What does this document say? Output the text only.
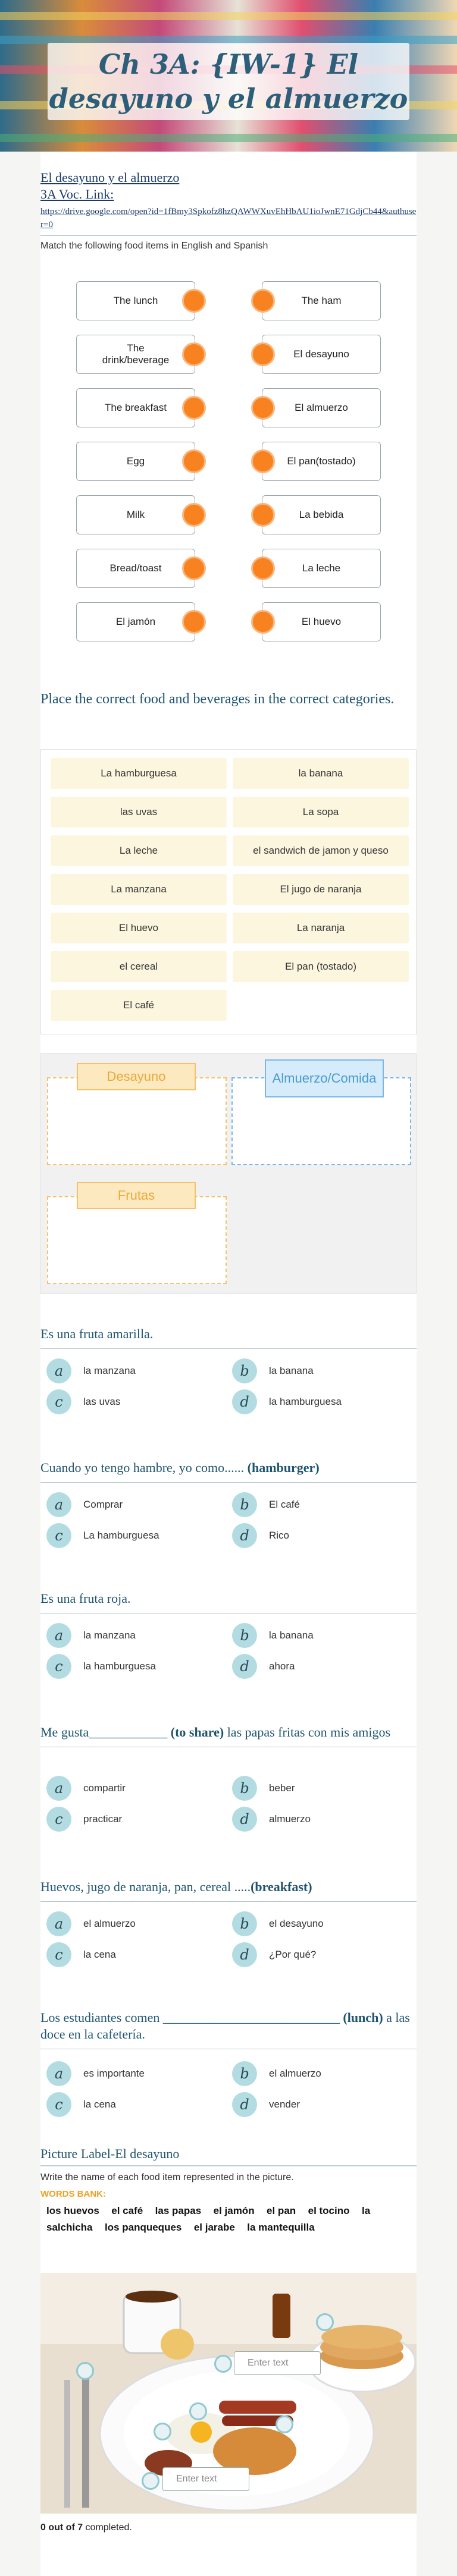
Ch 3A: {IW-1} El desayuno y el almuerzo
El desayuno y el almuerzo
3A Voc. Link:
https://drive.google.com/open?id=1fBmy3Spkofz8hzQAWWXuvEhHbAU1ioJwnE71GdjCb44&authuser=0
Match the following food items in English and Spanish
The lunch
The drink/beverage
The breakfast
Egg
Milk
Bread/toast
El jamón
The ham
El desayuno
El almuerzo
El pan(tostado)
La bebida
La leche
El huevo
Place the correct food and beverages in the correct categories.
La hamburguesa	la banana
las uvas	La sopa
La leche	el sandwich de jamon y queso
La manzana	El jugo de naranja
El huevo	La naranja
el cereal	El pan (tostado)
El café
Desayuno	Almuerzo/Comida
Frutas
Es una fruta amarilla.
a	la manzana	b	la banana
c	las uvas	d	la hamburguesa
Cuando yo tengo hambre, yo como...... (hamburger)
a	Comprar	b	El café
c	La hamburguesa	d	Rico
Es una fruta roja.
a	la manzana	b	la banana
c	la hamburguesa	d	ahora
Me gusta____________ (to share) las papas fritas con mis amigos
a	compartir	b	beber
c	practicar	d	almuerzo
Huevos, jugo de naranja, pan, cereal .....(breakfast)
a	el almuerzo	b	el desayuno
c	la cena	d	¿Por qué?
Los estudiantes comen ___________________________ (lunch) a las doce en la cafetería.
a	es importante	b	el almuerzo
c	la cena	d	vender
Picture Label-El desayuno
Write the name of each food item represented in the picture.
WORDS BANK:
los huevos el café las papas el jamón el pan el tocino la salchicha los panqueques el jarabe la mantequilla
Enter text
Enter text
0 out of 7 completed.
